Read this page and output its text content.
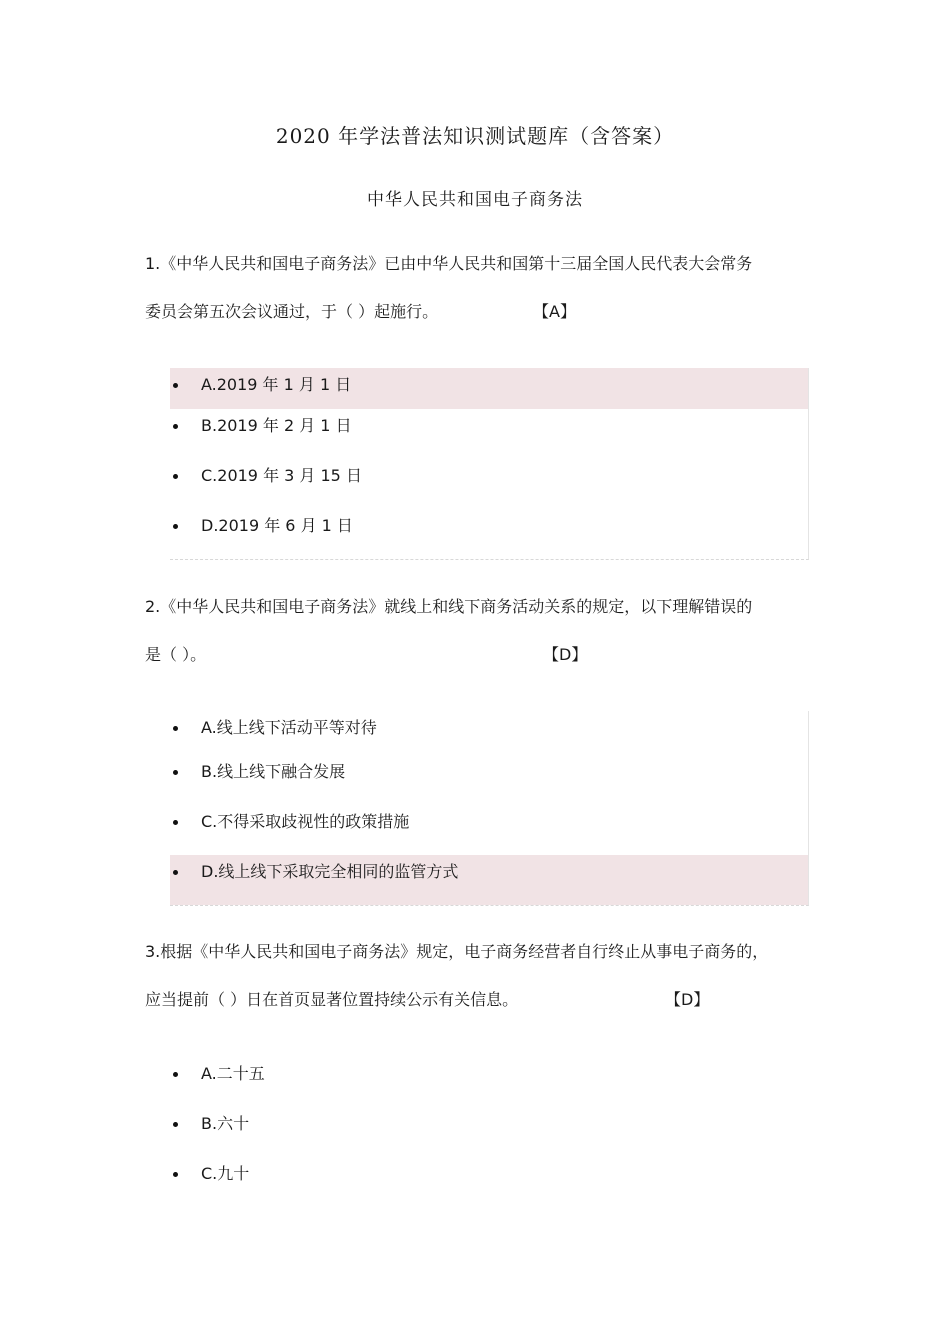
2020 年学法普法知识测试题库（含答案）
中华人民共和国电子商务法
1.《中华人民共和国电子商务法》已由中华人民共和国第十三届全国人民代表大会常务
委员会第五次会议通过，于（ ）起施行。	【A】
A.2019 年 1 月 1 日
B.2019 年 2 月 1 日
C.2019 年 3 月 15 日
D.2019 年 6 月 1 日
2.《中华人民共和国电子商务法》就线上和线下商务活动关系的规定，以下理解错误的
是（ ）。	【D】
A.线上线下活动平等对待
B.线上线下融合发展
C.不得采取歧视性的政策措施
D.线上线下采取完全相同的监管方式
3.根据《中华人民共和国电子商务法》规定，电子商务经营者自行终止从事电子商务的，
应当提前（ ）日在首页显著位置持续公示有关信息。	【D】
A.二十五
B.六十
C.九十
